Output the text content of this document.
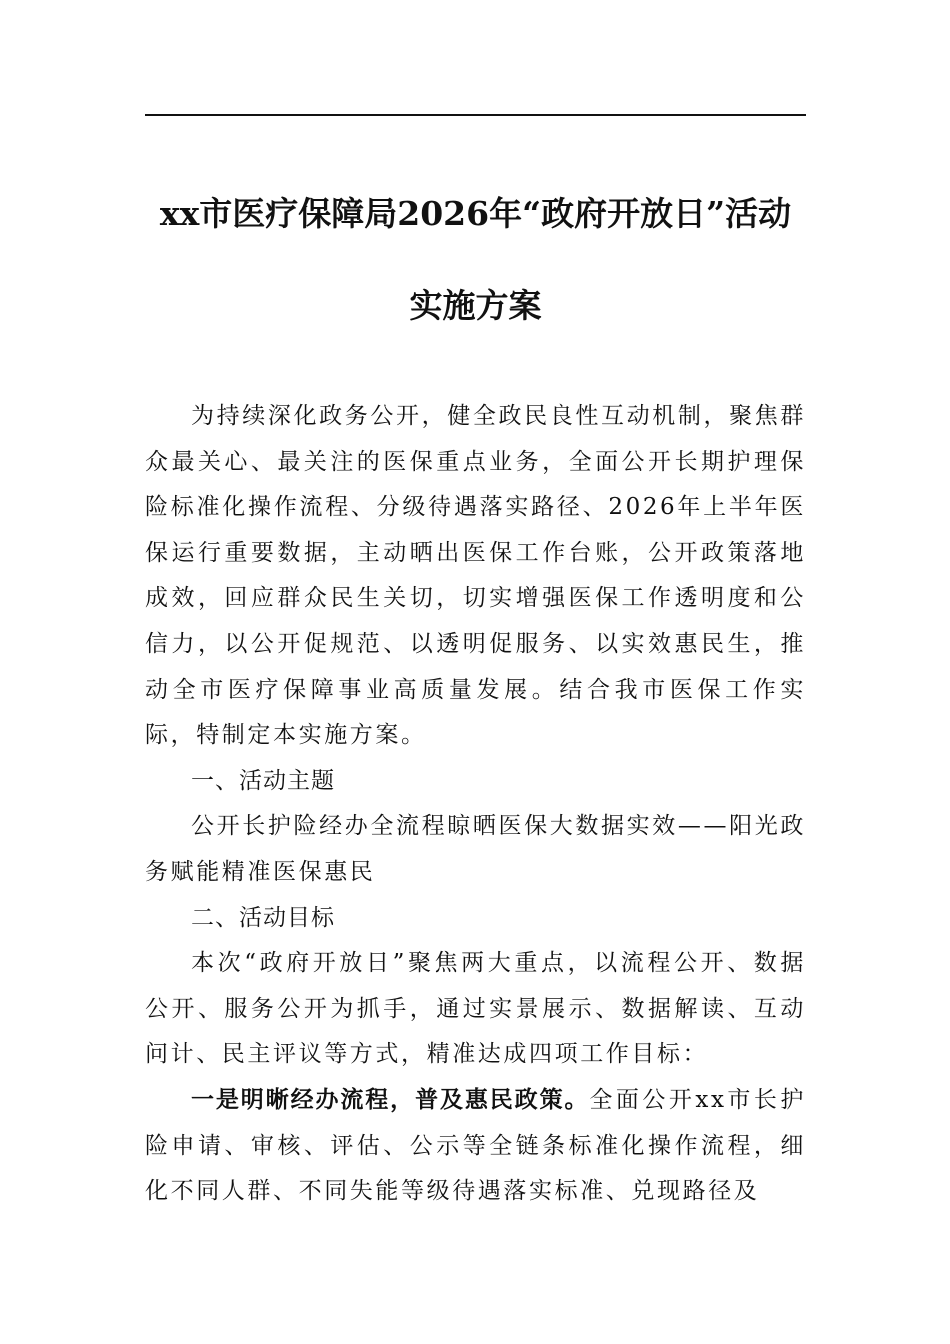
xx市医疗保障局2026年“政府开放日”活动实施方案

为持续深化政务公开，健全政民良性互动机制，聚焦群众最关心、最关注的医保重点业务，全面公开长期护理保险标准化操作流程、分级待遇落实路径、2026年上半年医保运行重要数据，主动晒出医保工作台账，公开政策落地成效，回应群众民生关切，切实增强医保工作透明度和公信力，以公开促规范、以透明促服务、以实效惠民生，推动全市医疗保障事业高质量发展。结合我市医保工作实际，特制定本实施方案。

一、活动主题

公开长护险经办全流程晾晒医保大数据实效——阳光政务赋能精准医保惠民

二、活动目标

本次“政府开放日”聚焦两大重点，以流程公开、数据公开、服务公开为抓手，通过实景展示、数据解读、互动问计、民主评议等方式，精准达成四项工作目标：

一是明晰经办流程，普及惠民政策。全面公开xx市长护险申请、审核、评估、公示等全链条标准化操作流程，细化不同人群、不同失能等级待遇落实标准、兑现路径及
